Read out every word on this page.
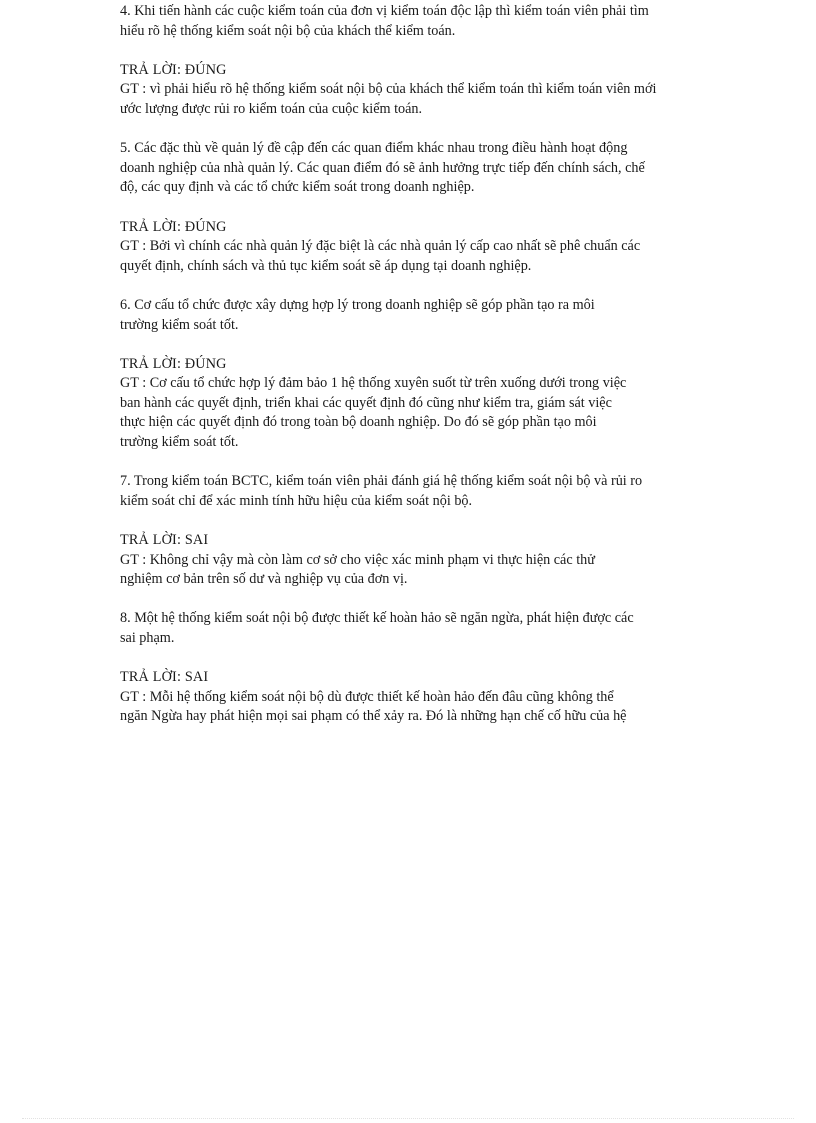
4. Khi tiến hành các cuộc kiểm toán của đơn vị kiểm toán độc lập thì kiểm toán viên phải tìm
hiểu rõ hệ thống kiểm soát nội bộ của khách thể kiểm toán.
TRẢ LỜI: ĐÚNG
GT : vì phải hiểu rõ hệ thống kiểm soát nội bộ của khách thể kiểm toán thì kiểm toán viên mới
ước lượng được rủi ro kiểm toán của cuộc kiểm toán.
5. Các đặc thù về quản lý đề cập đến các quan điểm khác nhau trong điều hành hoạt động
doanh nghiệp của nhà quản lý. Các quan điểm đó sẽ ảnh hưởng trực tiếp đến chính sách, chế
độ, các quy định và các tổ chức kiểm soát trong doanh nghiệp.
TRẢ LỜI: ĐÚNG
GT : Bởi vì chính các nhà quản lý đặc biệt là các nhà quản lý cấp cao nhất sẽ phê chuẩn các
quyết định, chính sách và thủ tục kiểm soát sẽ áp dụng tại doanh nghiệp.
6. Cơ cấu tổ chức được xây dựng hợp lý trong doanh nghiệp sẽ góp phần tạo ra môi
trường kiểm soát tốt.
TRẢ LỜI: ĐÚNG
GT : Cơ cấu tổ chức hợp lý đảm bảo 1 hệ thống xuyên suốt từ trên xuống dưới trong việc
ban hành các quyết định, triển khai các quyết định đó cũng như kiểm tra, giám sát việc
thực hiện các quyết định đó trong toàn bộ doanh nghiệp. Do đó sẽ góp phần tạo môi
trường kiểm soát tốt.
7. Trong kiểm toán BCTC, kiểm toán viên phải đánh giá hệ thống kiểm soát nội bộ và rủi ro
kiểm soát chỉ để xác minh tính hữu hiệu của kiểm soát nội bộ.
TRẢ LỜI: SAI
GT : Không chỉ vậy mà còn làm cơ sở cho việc xác minh phạm vi thực hiện các thử
nghiệm cơ bản trên số dư và nghiệp vụ của đơn vị.
8. Một hệ thống kiểm soát nội bộ được thiết kế hoàn hảo sẽ ngăn ngừa, phát hiện được các
sai phạm.
TRẢ LỜI: SAI
GT : Mỗi hệ thống kiểm soát nội bộ dù được thiết kế hoàn hảo đến đâu cũng không thể
ngăn Ngừa hay phát hiện mọi sai phạm có thể xảy ra. Đó là những hạn chế cố hữu của hệ
